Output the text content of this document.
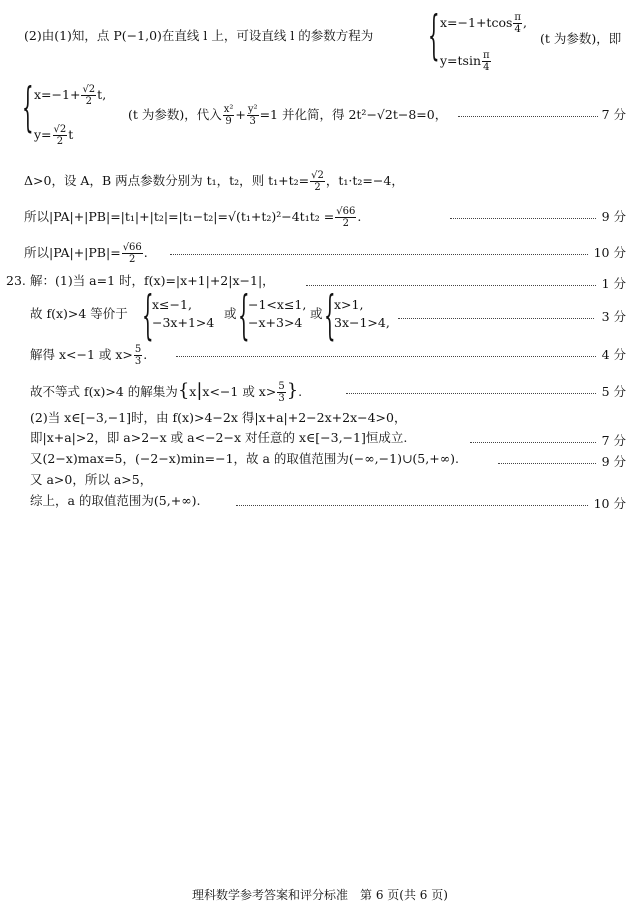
(2)由(1)知，点 P(−1,0)在直线 l 上，可设直线 l 的参数方程为 { $x=-1+tcos \frac{\pi}{4}$ ,
$y=tsin \frac{\pi}{4}$
(t 为参数)，即
{ $x=-1+ \frac{√2}{2} t$,
$y= \frac{√2}{2}$ t
(t 为参数)，代入 $\frac{\text{x²}}{9} + \frac{\text{y²}}{3} =1$ 并化简，得 2t²−√2t−8=0，	7 分
Δ>0，设 A，B 两点参数分别为 t₁，t₂，则 $t_1+t_2= \frac{√2}{2}$ ，t₁·t₂=−4，
所以$|PA|+|PB|=|t_1|+|t_2|=|t_1-t_2|=√(t_1+t_2)^2-4t_1t_2 = \frac{√66}{2}$ .	9 分
所以$|PA|+|PB|= \frac{√66}{2}$ .	10 分
23. 解：(1)当 a=1 时，f(x)=|x+1|+2|x−1|，	1 分
故 f(x)>4 等价于 {
x≤−1,
−3x+1>4
或 {
−1<x≤1,
−x+3>4
或 {
x>1,
3x−1>4,	3 分
解得 x<−1 或 $x> \frac{5}{3}$ .	4 分
故不等式 f(x)>4 的解集为{x|x<−1 或 $x> \frac{5}{3}$ }.	5 分
(2)当 x∈[−3,−1]时，由 f(x)>4−2x 得|x+a|+2−2x+2x−4>0，
即|x+a|>2，即 a>2−x 或 a<−2−x 对任意的 x∈[−3,−1]恒成立.	7 分
又(2−x)max=5，(−2−x)min=−1，故 a 的取值范围为(−∞,−1)∪(5,+∞).	9 分
又 a>0，所以 a>5，
综上，a 的取值范围为(5,+∞).	10 分
理科数学参考答案和评分标准　第 6 页(共 6 页)
